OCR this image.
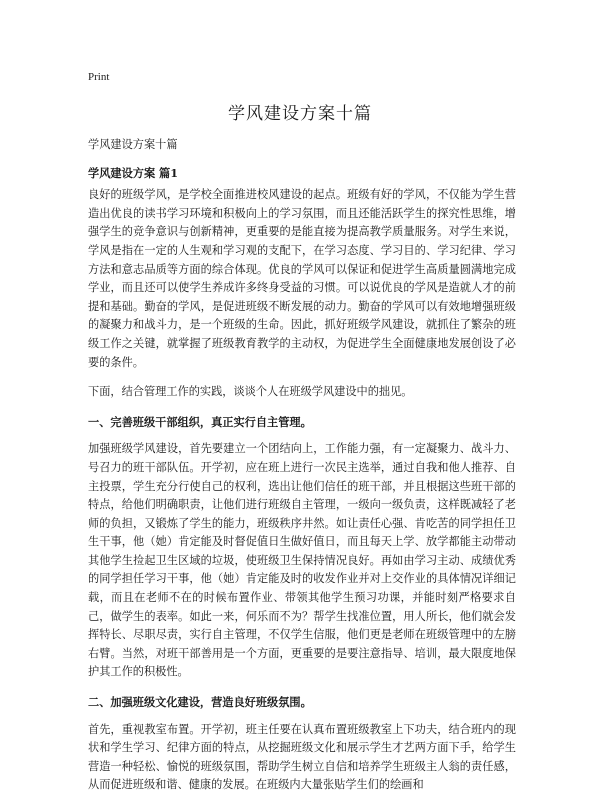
Print
学风建设方案十篇

学风建设方案十篇

学风建设方案 篇1

良好的班级学风，是学校全面推进校风建设的起点。班级有好的学风，不仅能为学生营造出优良的读书学习环境和积极向上的学习氛围，而且还能活跃学生的探究性思维，增强学生的竞争意识与创新精神，更重要的是能直接为提高教学质量服务。对学生来说，学风是指在一定的人生观和学习观的支配下，在学习态度、学习目的、学习纪律、学习方法和意志品质等方面的综合体现。优良的学风可以保证和促进学生高质量圆满地完成学业，而且还可以使学生养成许多终身受益的习惯。可以说优良的学风是造就人才的前提和基础。勤奋的学风，是促进班级不断发展的动力。勤奋的学风可以有效地增强班级的凝聚力和战斗力，是一个班级的生命。因此，抓好班级学风建设，就抓住了繁杂的班级工作之关键，就掌握了班级教育教学的主动权，为促进学生全面健康地发展创设了必要的条件。

下面，结合管理工作的实践，谈谈个人在班级学风建设中的拙见。

一、完善班级干部组织，真正实行自主管理。

加强班级学风建设，首先要建立一个团结向上，工作能力强，有一定凝聚力、战斗力、号召力的班干部队伍。开学初，应在班上进行一次民主选举，通过自我和他人推荐、自主投票，学生充分行使自己的权利，选出让他们信任的班干部，并且根据这些班干部的特点，给他们明确职责，让他们进行班级自主管理，一级向一级负责，这样既减轻了老师的负担，又锻炼了学生的能力，班级秩序井然。如让责任心强、肯吃苦的同学担任卫生干事，他（她）肯定能及时督促值日生做好值日，而且每天上学、放学都能主动带动其他学生捡起卫生区域的垃圾，使班级卫生保持情况良好。再如由学习主动、成绩优秀的同学担任学习干事，他（她）肯定能及时的收发作业并对上交作业的具体情况详细记载，而且在老师不在的时候布置作业、带领其他学生预习功课，并能时刻严格要求自己，做学生的表率。如此一来，何乐而不为？帮学生找准位置，用人所长，他们就会发挥特长、尽职尽责，实行自主管理，不仅学生信服，他们更是老师在班级管理中的左膀右臂。当然，对班干部善用是一个方面，更重要的是要注意指导、培训，最大限度地保护其工作的积极性。

二、加强班级文化建设，营造良好班级氛围。

首先，重视教室布置。开学初，班主任要在认真布置班级教室上下功夫，结合班内的现状和学生学习、纪律方面的特点，从挖掘班级文化和展示学生才艺两方面下手，给学生营造一种轻松、愉悦的班级氛围，帮助学生树立自信和培养学生班级主人翁的责任感，从而促进班级和谐、健康的发展。在班级内大量张贴学生们的绘画和
